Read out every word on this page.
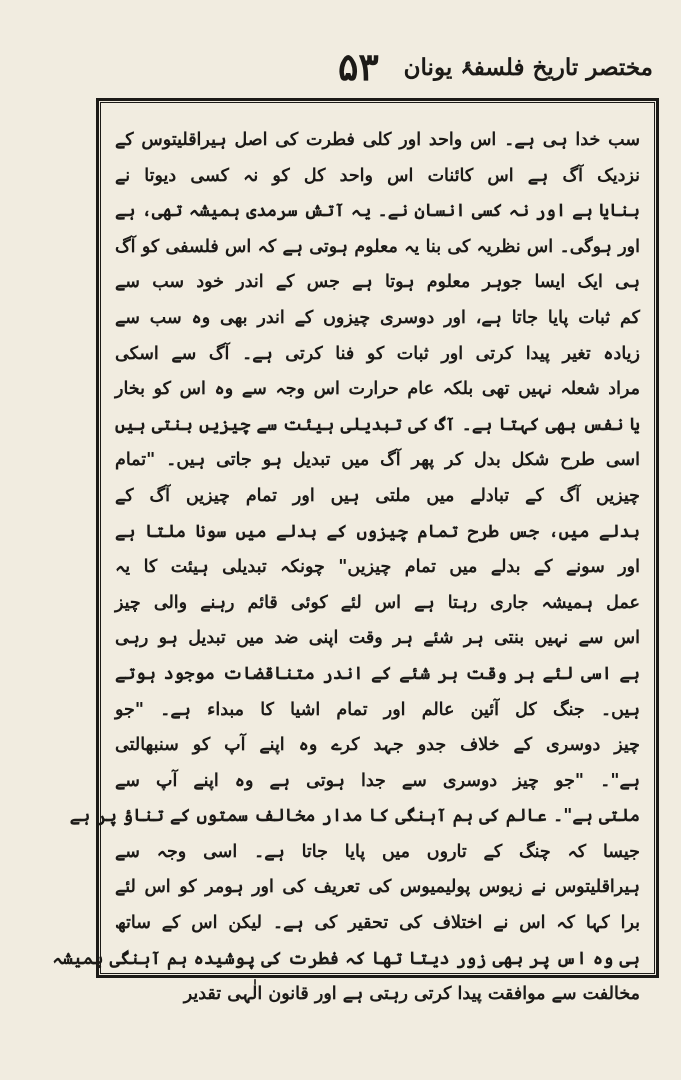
مختصر تاریخ فلسفۂ یونان
۵۳
سب خدا ہی ہے۔ اس واحد اور کلی فطرت کی اصل ہیراقلیتوس کے
نزدیک آگ ہے اس کائنات اس واحد کل کو نہ کسی دیوتا نے
بنایا ہے اور نہ کسی انسان نے۔ یہ آتش سرمدی ہمیشہ تھی، ہے
اور ہوگی۔ اس نظریہ کی بنا یہ معلوم ہوتی ہے کہ اس فلسفی کو آگ
ہی ایک ایسا جوہر معلوم ہوتا ہے جس کے اندر خود سب سے
کم ثبات پایا جاتا ہے، اور دوسری چیزوں کے اندر بھی وہ سب سے
زیادہ تغیر پیدا کرتی اور ثبات کو فنا کرتی ہے۔ آگ سے اسکی
مراد شعلہ نہیں تھی بلکہ عام حرارت اس وجہ سے وہ اس کو بخار
یا نفس بھی کہتا ہے۔ آگ کی تبدیلی ہیئت سے چیزیں بنتی ہیں
اسی طرح شکل بدل کر پھر آگ میں تبدیل ہو جاتی ہیں۔ "تمام
چیزیں آگ کے تبادلے میں ملتی ہیں اور تمام چیزیں آگ کے
بدلے میں، جس طرح تمام چیزوں کے بدلے میں سونا ملتا ہے
اور سونے کے بدلے میں تمام چیزیں" چونکہ تبدیلی ہیئت کا یہ
عمل ہمیشہ جاری رہتا ہے اس لئے کوئی قائم رہنے والی چیز
اس سے نہیں بنتی ہر شئے ہر وقت اپنی ضد میں تبدیل ہو رہی
ہے اسی لئے ہر وقت ہر شئے کے اندر متناقضات موجود ہوتے
ہیں۔ جنگ کل آئین عالم اور تمام اشیا کا مبداء ہے۔ "جو
چیز دوسری کے خلاف جدو جہد کرے وہ اپنے آپ کو سنبھالتی
ہے"۔ "جو چیز دوسری سے جدا ہوتی ہے وہ اپنے آپ سے
ملتی ہے"۔ عالم کی ہم آہنگی کا مدار مخالف سمتوں کے تناؤ پر ہے
جیسا کہ چنگ کے تاروں میں پایا جاتا ہے۔ اسی وجہ سے
ہیراقلیتوس نے زیوس پولیمیوس کی تعریف کی اور ہومر کو اس لئے
برا کہا کہ اس نے اختلاف کی تحقیر کی ہے۔ لیکن اس کے ساتھ
ہی وہ اس پر بھی زور دیتا تھا کہ فطرت کی پوشیدہ ہم آہنگی ہمیشہ
مخالفت سے موافقت پیدا کرتی رہتی ہے اور قانون الٰہی تقدیر
